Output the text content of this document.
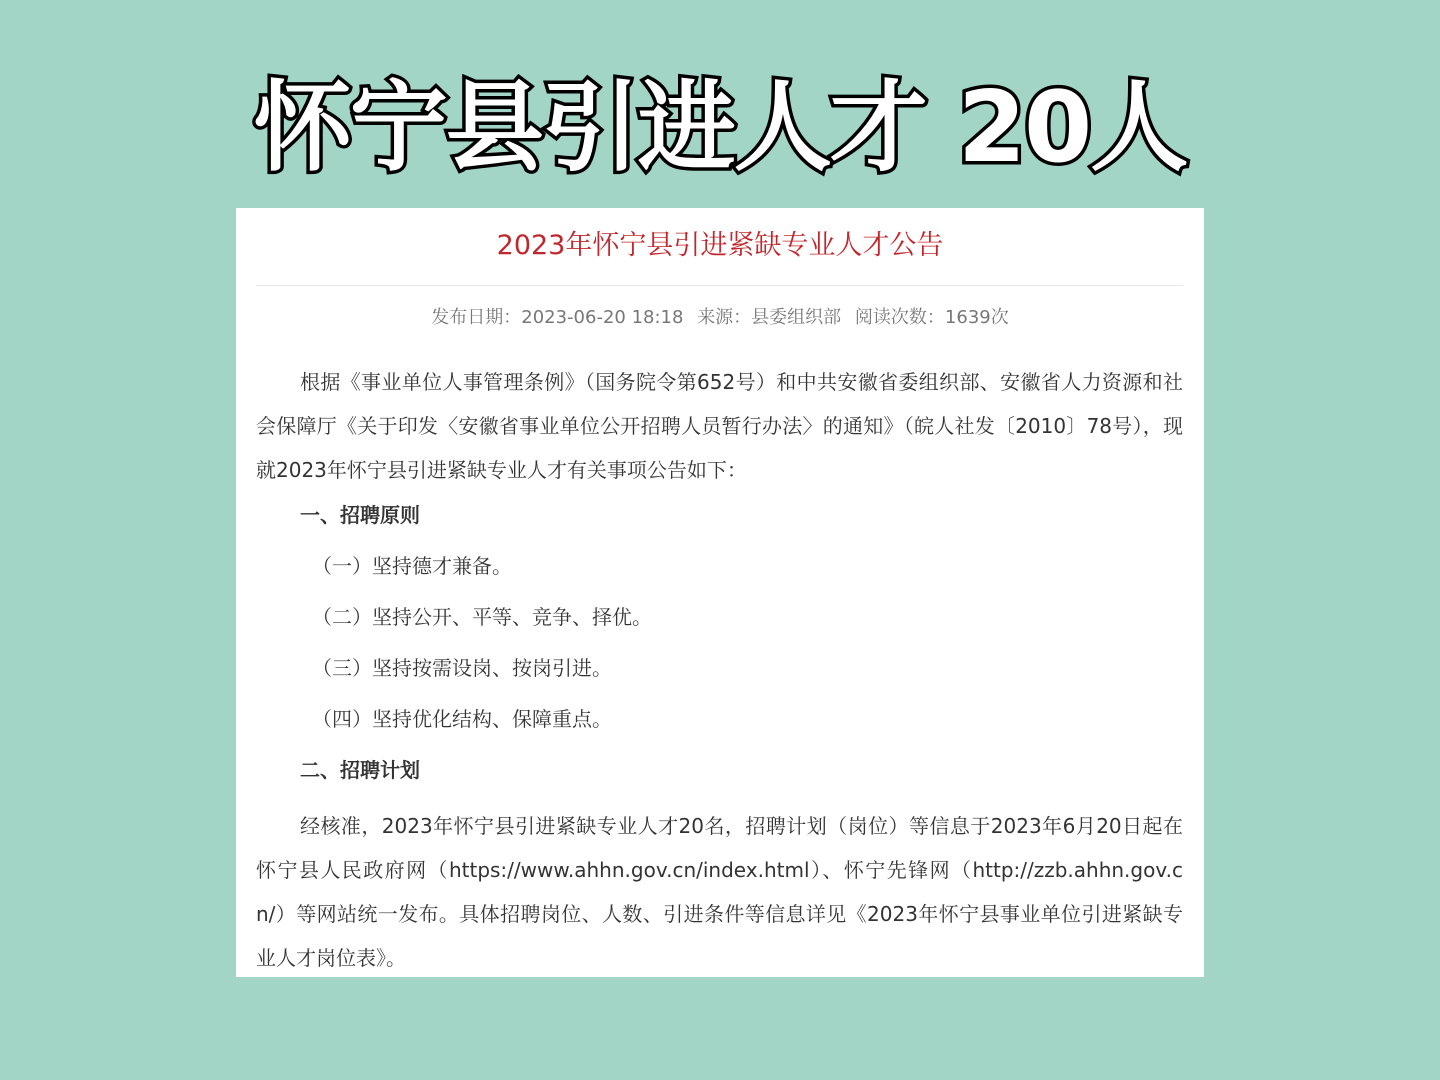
怀宁县引进人才 20人
2023年怀宁县引进紧缺专业人才公告
发布日期：2023-06-20 18:18 来源：县委组织部 阅读次数：1639次

根据《事业单位人事管理条例》（国务院令第652号）和中共安徽省委组织部、安徽省人力资源和社会保障厅《关于印发〈安徽省事业单位公开招聘人员暂行办法〉的通知》（皖人社发〔2010〕78号），现就2023年怀宁县引进紧缺专业人才有关事项公告如下：

一、招聘原则

（一）坚持德才兼备。

（二）坚持公开、平等、竞争、择优。

（三）坚持按需设岗、按岗引进。

（四）坚持优化结构、保障重点。

二、招聘计划

经核准，2023年怀宁县引进紧缺专业人才20名，招聘计划（岗位）等信息于2023年6月20日起在怀宁县人民政府网（https://www.ahhn.gov.cn/index.html）、怀宁先锋网（http://zzb.ahhn.gov.cn/）等网站统一发布。具体招聘岗位、人数、引进条件等信息详见《2023年怀宁县事业单位引进紧缺专业人才岗位表》。
